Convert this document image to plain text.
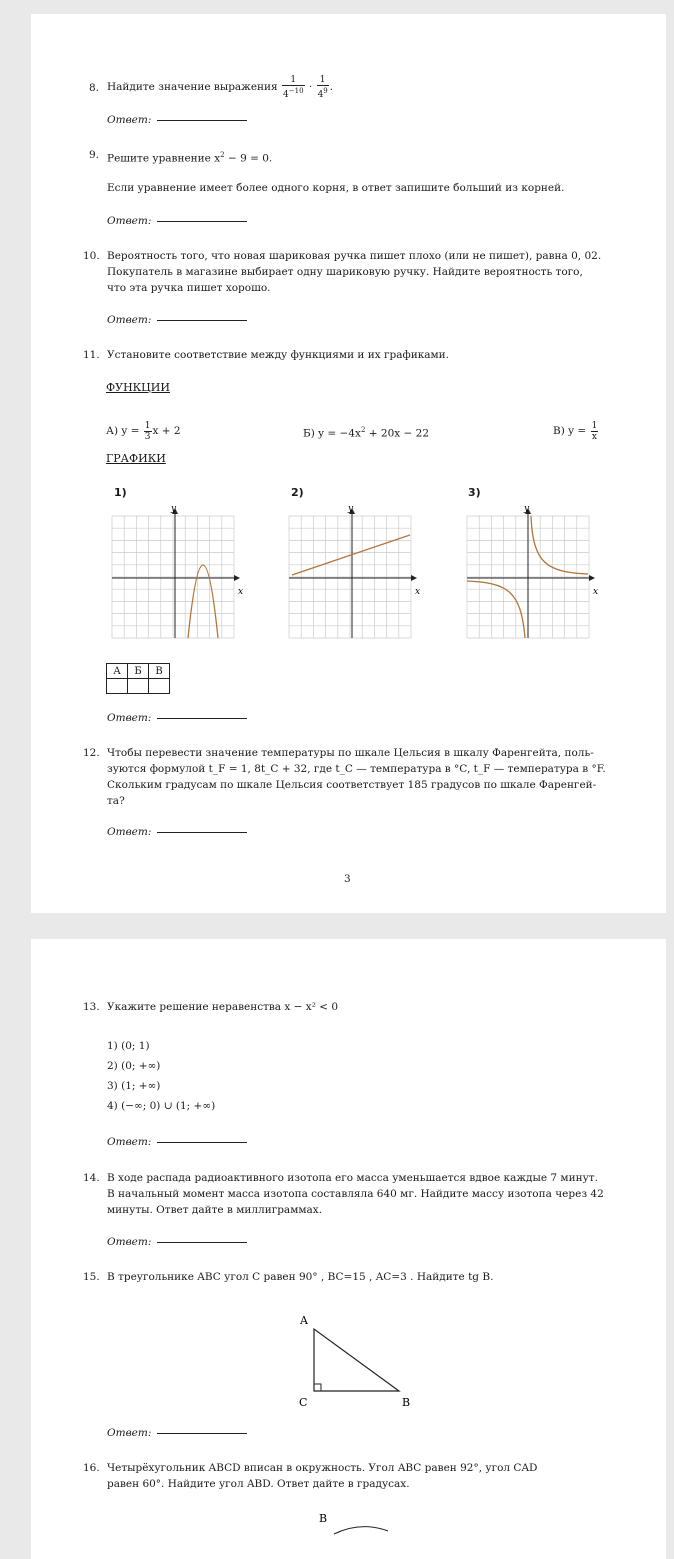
8. Найдите значение выражения $\frac{1}{4^{-10}} \cdot \frac{1}{4^9}$ .
Ответ:
9. Решите уравнение $x^2 - 9 = 0$.
Если уравнение имеет более одного корня, в ответ запишите больший из корней.
Ответ:
10. Вероятность того, что новая шариковая ручка пишет плохо (или не пишет), равна 0, 02.
Покупатель в магазине выбирает одну шариковую ручку. Найдите вероятность того,
что эта ручка пишет хорошо.
Ответ:
11. Установите соответствие между функциями и их графиками.
ФУНКЦИИ
А) $y = \frac{1}{3}$ x + 2	Б) $y = -4x^2 + 20x - 22$	В) $y = \frac{1}{x}$
ГРАФИКИ
1)	2)	3)
y
x
y
x
y
x
А	Б	В

Ответ:
12. Чтобы перевести значение температуры по шкале Цельсия в шкалу Фаренгейта, поль-
зуются формулой t_F = 1, 8t_C + 32, где t_C — температура в °C, t_F — температура в °F.
Скольким градусам по шкале Цельсия соответствует 185 градусов по шкале Фаренгей-
та?
Ответ:
3
13. Укажите решение неравенства x − x² < 0
1) (0; 1)
2) (0; +∞)
3) (1; +∞)
4) (−∞; 0) ∪ (1; +∞)
Ответ:
14. В ходе распада радиоактивного изотопа его масса уменьшается вдвое каждые 7 минут.
В начальный момент масса изотопа составляла 640 мг. Найдите массу изотопа через 42
минуты. Ответ дайте в миллиграммах.
Ответ:
15. В треугольнике ABC угол C равен 90° , BC=15 , AC=3 . Найдите tg B.
A
C	B
Ответ:
16. Четырёхугольник ABCD вписан в окружность. Угол ABC равен 92°, угол CAD
равен 60°. Найдите угол ABD. Ответ дайте в градусах.
B
